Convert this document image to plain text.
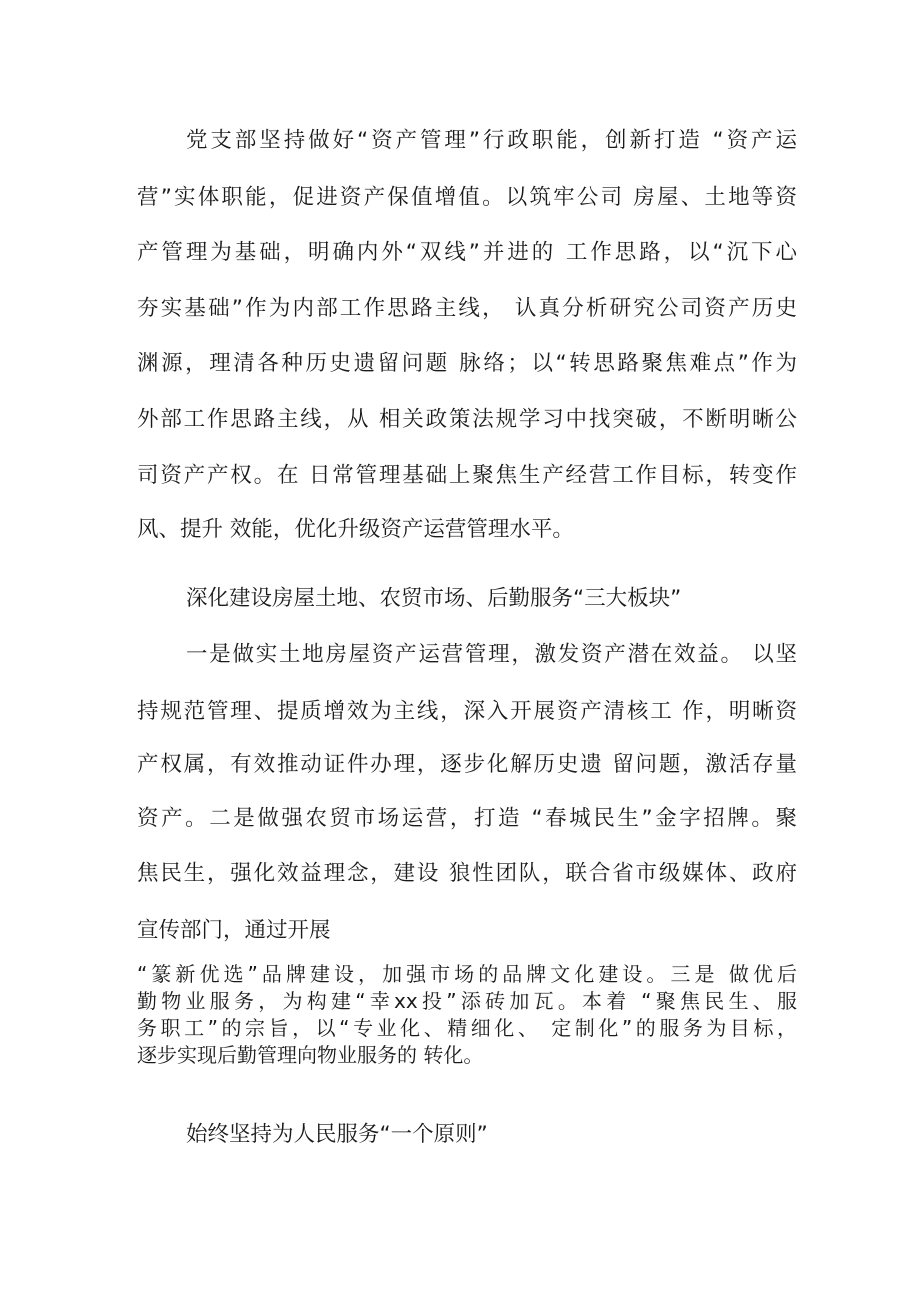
党支部坚持做好“资产管理”行政职能，创新打造 “资产运
营”实体职能，促进资产保值增值。以筑牢公司 房屋、土地等资
产管理为基础，明确内外“双线”并进的 工作思路，以“沉下心
夯实基础”作为内部工作思路主线， 认真分析研究公司资产历史
渊源，理清各种历史遗留问题 脉络；以“转思路聚焦难点”作为
外部工作思路主线，从 相关政策法规学习中找突破，不断明晰公
司资产产权。在 日常管理基础上聚焦生产经营工作目标，转变作
风、提升 效能，优化升级资产运营管理水平。
深化建设房屋土地、农贸市场、后勤服务“三大板块”
一是做实土地房屋资产运营管理，激发资产潜在效益。 以坚
持规范管理、提质增效为主线，深入开展资产清核工 作，明晰资
产权属，有效推动证件办理，逐步化解历史遗 留问题，激活存量
资产。二是做强农贸市场运营，打造 “春城民生”金字招牌。聚
焦民生，强化效益理念，建设 狼性团队，联合省市级媒体、政府
宣传部门，通过开展
“篆新优选”品牌建设，加强市场的品牌文化建设。三是 做优后
勤物业服务，为构建“幸xx投”添砖加瓦。本着 “聚焦民生、服
务职工”的宗旨，以“专业化、精细化、 定制化”的服务为目标，
逐步实现后勤管理向物业服务的 转化。
始终坚持为人民服务“一个原则”
